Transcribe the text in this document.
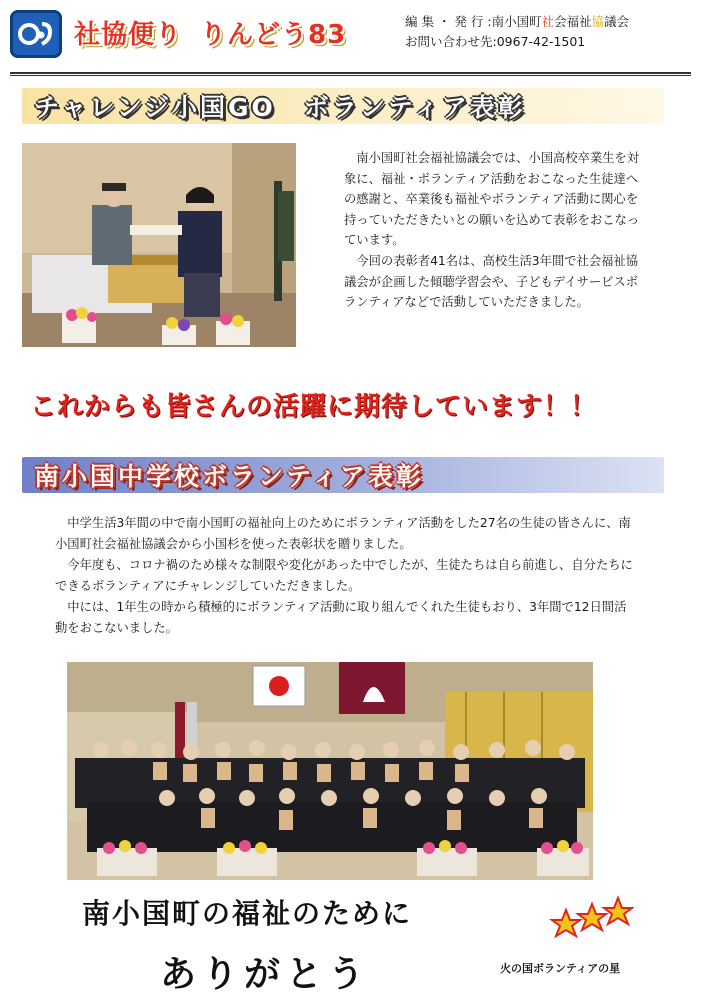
社協便り りんどう83	編 集 ・ 発 行 :南小国町社会福祉協議会
お問い合わせ先:0967-42-1501
チャレンジ小国GO　ボランティア表彰

南小国町社会福祉協議会では、小国高校卒業生を対象に、福祉・ボランティア活動をおこなった生徒達への感謝と、卒業後も福祉やボランティア活動に関心を持っていただきたいとの願いを込めて表彰をおこなっています。

今回の表彰者41名は、高校生活3年間で社会福祉協議会が企画した傾聴学習会や、子どもデイサービスボランティアなどで活動していただきました。

これからも皆さんの活躍に期待しています！！
南小国中学校ボランティア表彰

　中学生活3年間の中で南小国町の福祉向上のためにボランティア活動をした27名の生徒の皆さんに、南小国町社会福祉協議会から小国杉を使った表彰状を贈りました。

　今年度も、コロナ禍のため様々な制限や変化があった中でしたが、生徒たちは自ら前進し、自分たちにできるボランティアにチャレンジしていただきました。

　中には、1年生の時から積極的にボランティア活動に取り組んでくれた生徒もおり、3年間で12日間活動をおこないました。

南小国町の福祉のために
ありがとう	火の国ボランティアの星
